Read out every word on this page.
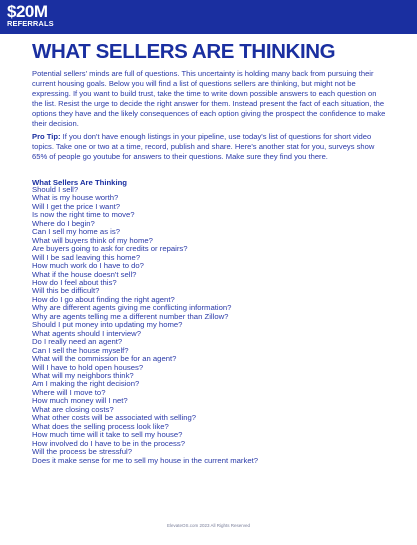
$20M
REFERRALS
WHAT SELLERS ARE THINKING

Potential sellers' minds are full of questions. This uncertainty is holding many back from pursuing their current housing goals. Below you will find a list of questions sellers are thinking, but might not be expressing. If you want to build trust, take the time to write down possible answers to each question on the list. Resist the urge to decide the right answer for them. Instead present the fact of each situation, the options they have and the likely consequences of each option giving the prospect the confidence to make their decision.

Pro Tip: If you don't have enough listings in your pipeline, use today's list of questions for short video topics. Take one or two at a time, record, publish and share. Here's another stat for you, surveys show 65% of people go youtube for answers to their questions. Make sure they find you there.

What Sellers Are Thinking
Should I sell?
What is my house worth?
Will I get the price I want?
Is now the right time to move?
Where do I begin?
Can I sell my home as is?
What will buyers think of my home?
Are buyers going to ask for credits or repairs?
Will I be sad leaving this home?
How much work do I have to do?
What if the house doesn't sell?
How do I feel about this?
Will this be difficult?
How do I go about finding the right agent?
Why are different agents giving me conflicting information?
Why are agents telling me a different number than Zillow?
Should I put money into updating my home?
What agents should I interview?
Do I really need an agent?
Can I sell the house myself?
What will the commission be for an agent?
Will I have to hold open houses?
What will my neighbors think?
Am I making the right decision?
Where will I move to?
How much money will I net?
What are closing costs?
What other costs will be associated with selling?
What does the selling process look like?
How much time will it take to sell my house?
How involved do I have to be in the process?
Will the process be stressful?
Does it make sense for me to sell my house in the current market?
ElevateOS.com 2023 All Rights Reserved
